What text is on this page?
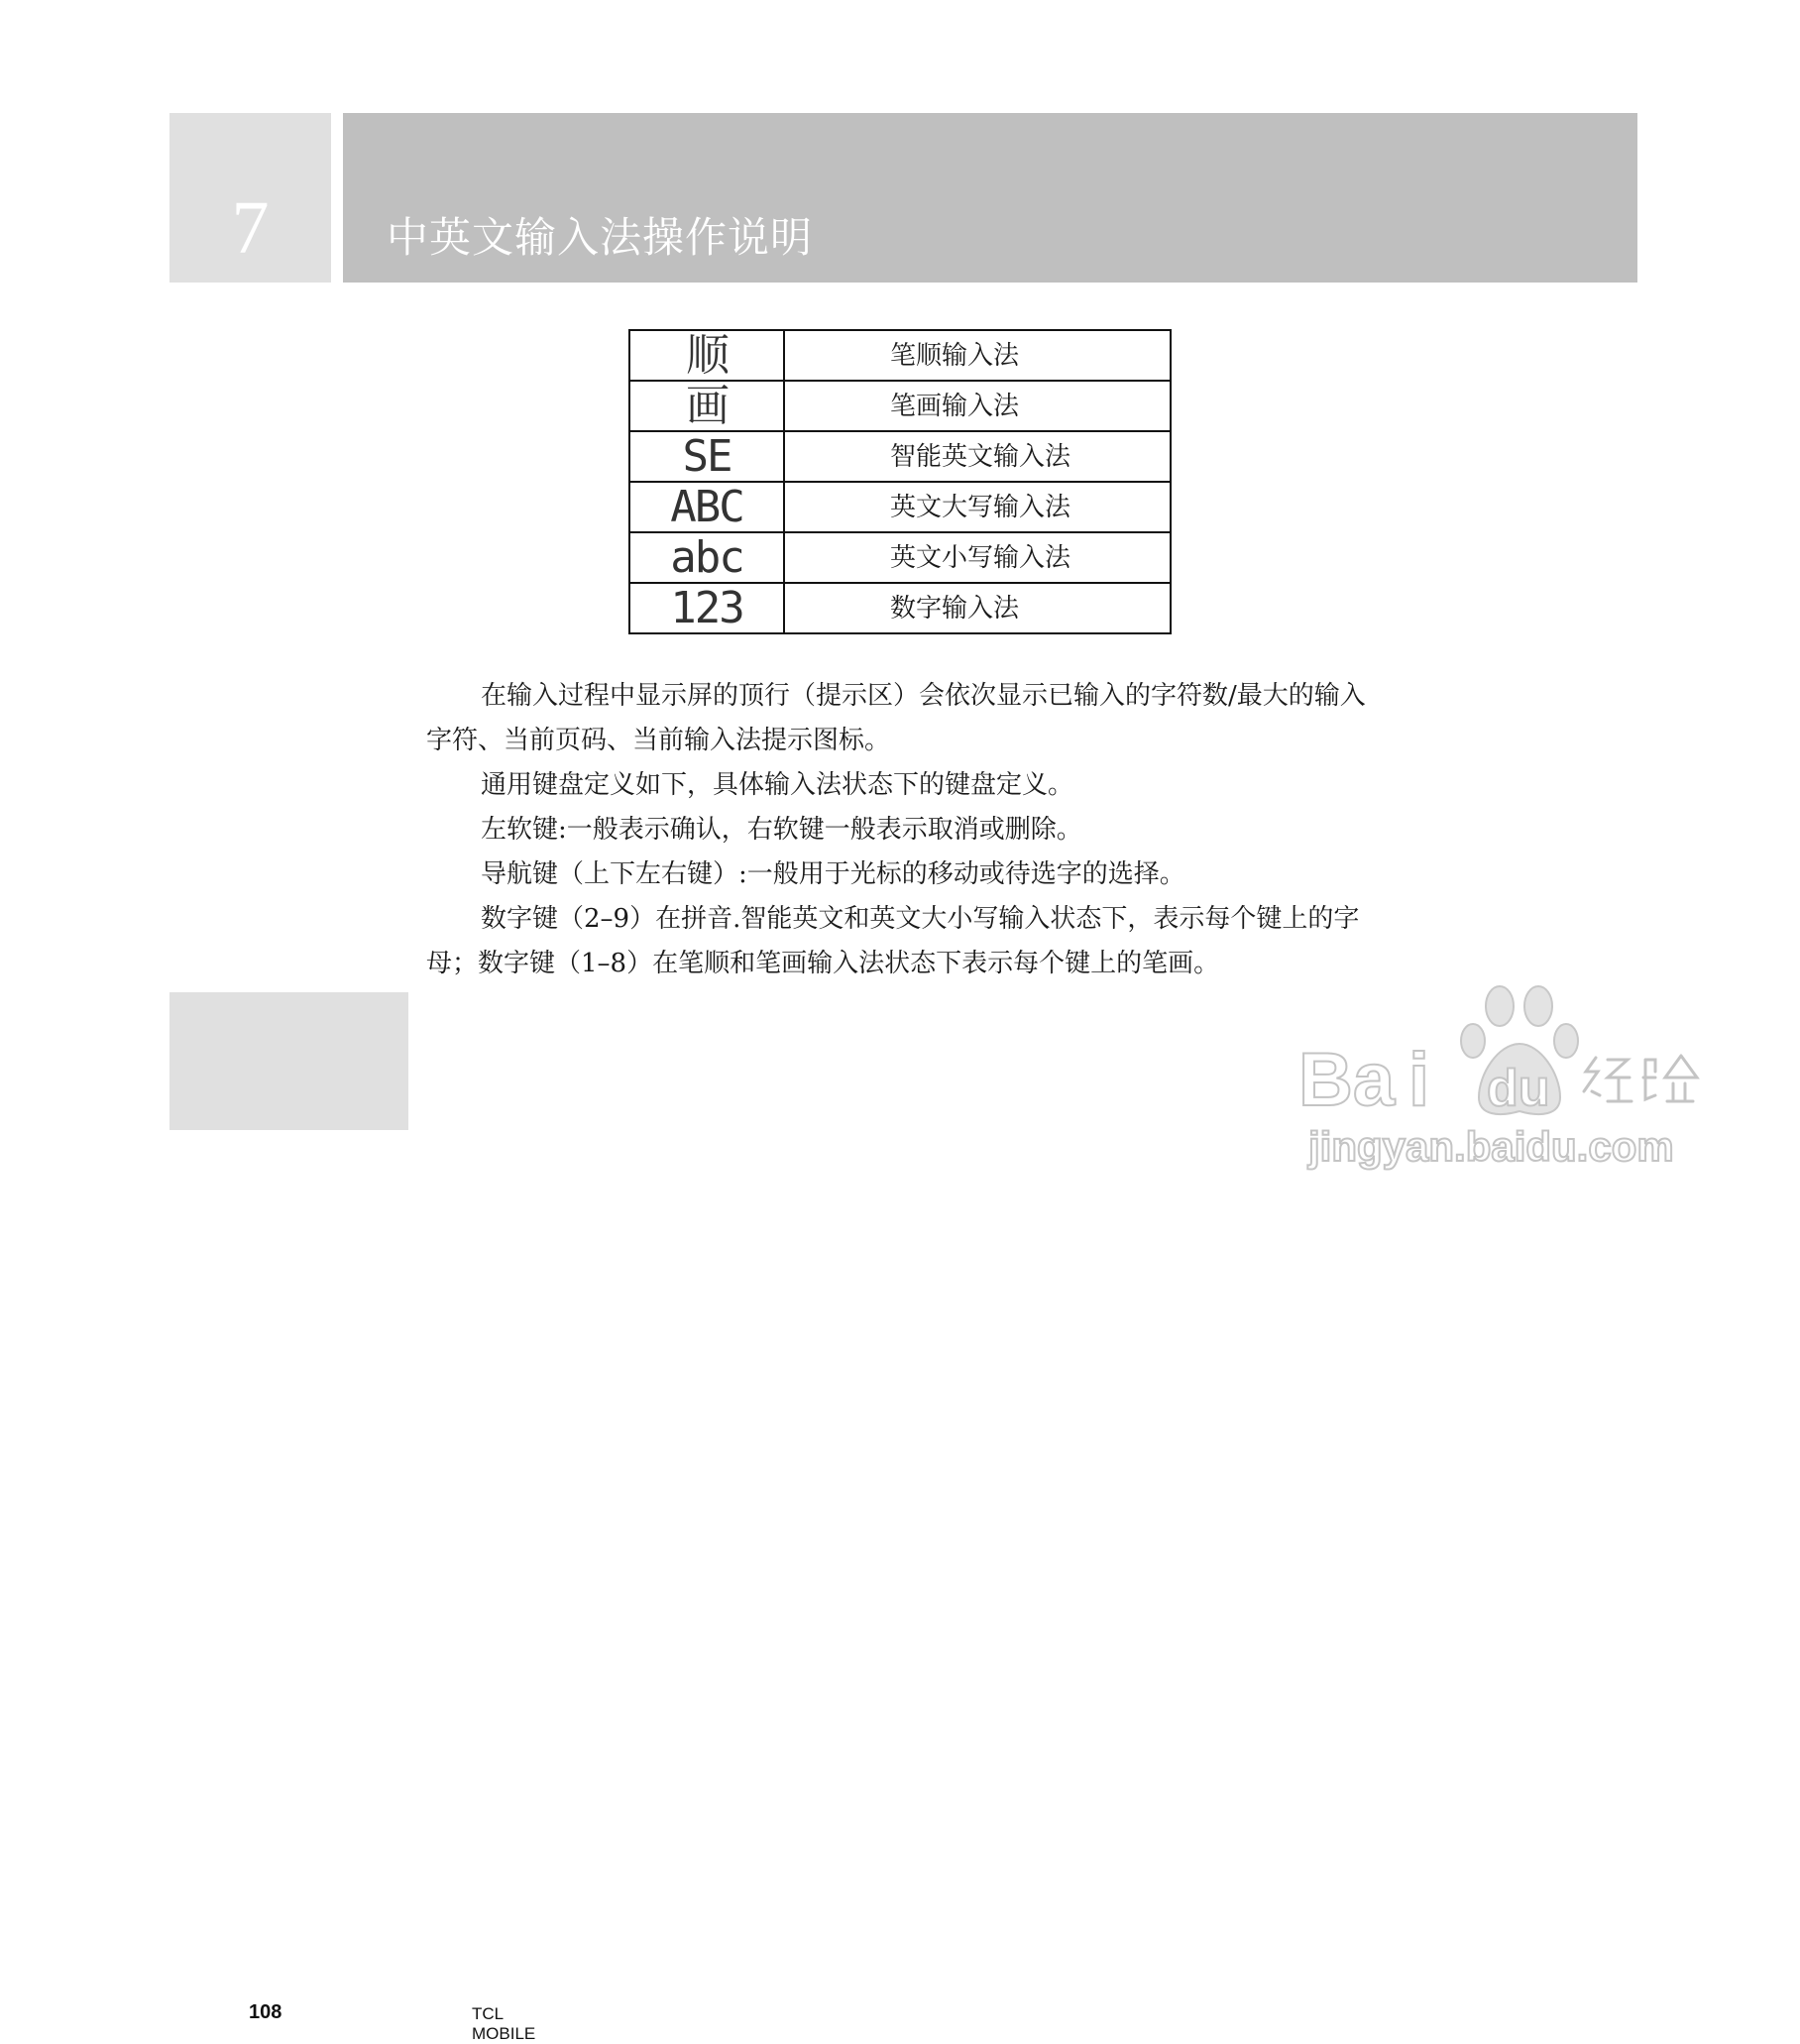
7	中英文输入法操作说明
顺	笔顺输入法
画	笔画输入法
SE	智能英文输入法
ABC	英文大写输入法
abc	英文小写输入法
123	数字输入法

在输入过程中显示屏的顶行（提示区）会依次显示已输入的字符数/最大的输入字符、当前页码、当前输入法提示图标。

通用键盘定义如下，具体输入法状态下的键盘定义。

左软键:一般表示确认，右软键一般表示取消或删除。

导航键（上下左右键）:一般用于光标的移动或待选字的选择。

数字键（2–9）在拼音.智能英文和英文大小写输入状态下，表示每个键上的字母；数字键（1–8）在笔顺和笔画输入法状态下表示每个键上的笔画。

108	TCL MOBILE
Ba i du
jingyan.baidu.com
